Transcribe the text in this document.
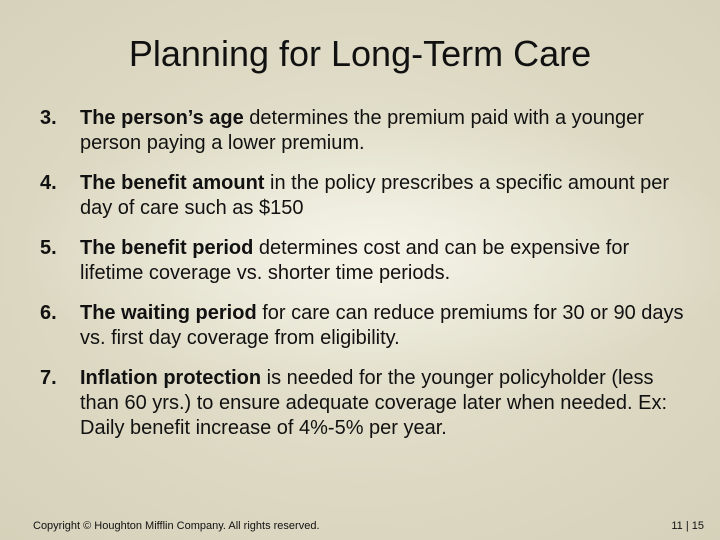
Planning for Long-Term Care
3.	The person’s age determines the premium paid with a younger person paying a lower premium.
4.	The benefit amount in the policy prescribes a specific amount per day of care such as $150
5.	The benefit period determines cost and can be expensive for lifetime coverage vs. shorter time periods.
6.	The waiting period for care can reduce premiums for 30 or 90 days vs. first day coverage from eligibility.
7.	Inflation protection is needed for the younger policyholder (less than 60 yrs.) to ensure adequate coverage later when needed. Ex: Daily benefit increase of 4%-5% per year.
Copyright © Houghton Mifflin Company. All rights reserved.	11 | 15
